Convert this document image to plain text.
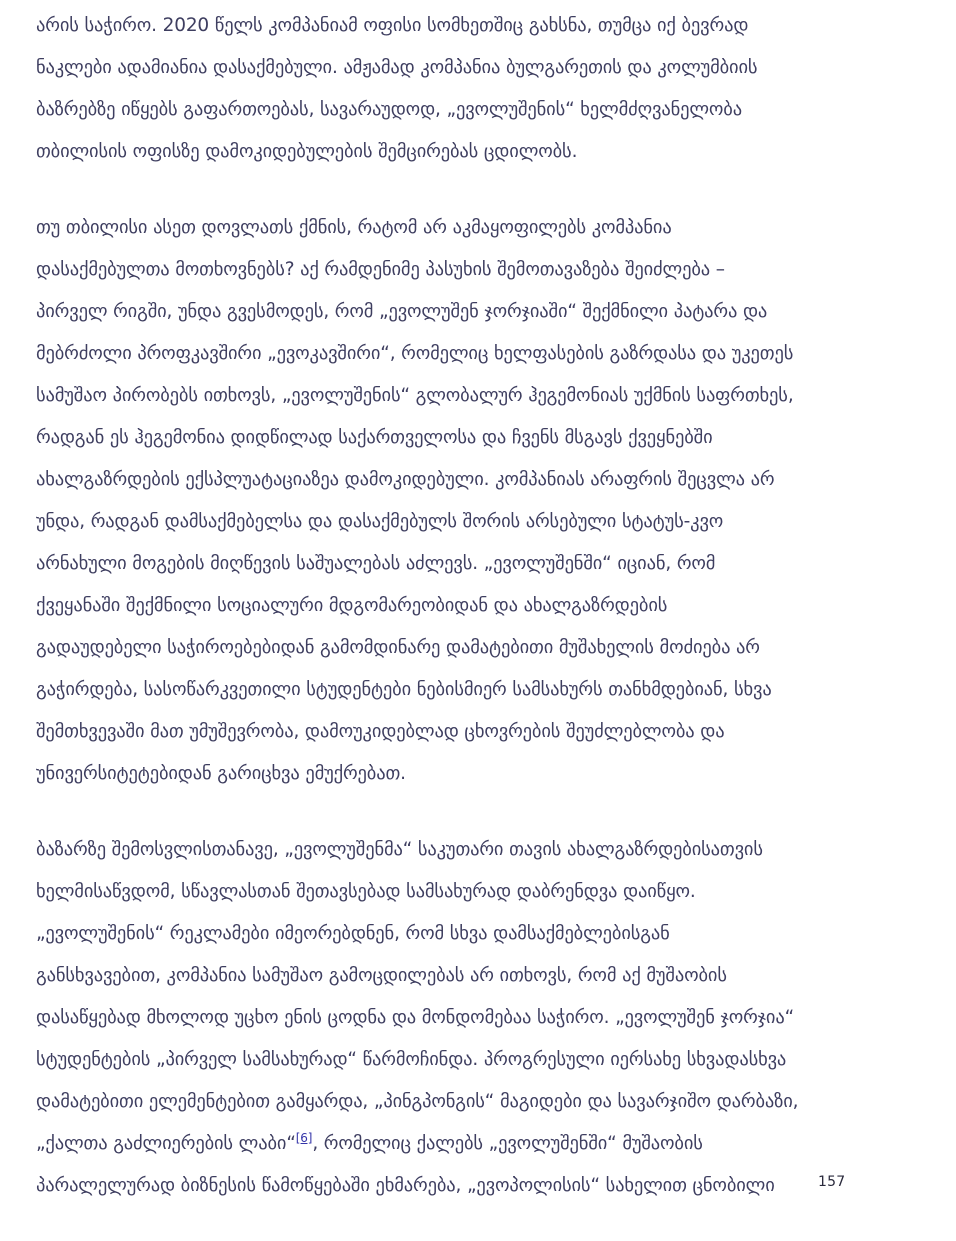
არის საჭირო. 2020 წელს კომპანიამ ოფისი სომხეთშიც გახსნა, თუმცა იქ ბევრად
ნაკლები ადამიანია დასაქმებული. ამჟამად კომპანია ბულგარეთის და კოლუმბიის
ბაზრებზე იწყებს გაფართოებას, სავარაუდოდ, „ევოლუშენის“ ხელმძღვანელობა
თბილისის ოფისზე დამოკიდებულების შემცირებას ცდილობს.

თუ თბილისი ასეთ დოვლათს ქმნის, რატომ არ აკმაყოფილებს კომპანია
დასაქმებულთა მოთხოვნებს? აქ რამდენიმე პასუხის შემოთავაზება შეიძლება –
პირველ რიგში, უნდა გვესმოდეს, რომ „ევოლუშენ ჯორჯიაში“ შექმნილი პატარა და
მებრძოლი პროფკავშირი „ევოკავშირი“, რომელიც ხელფასების გაზრდასა და უკეთეს
სამუშაო პირობებს ითხოვს, „ევოლუშენის“ გლობალურ ჰეგემონიას უქმნის საფრთხეს,
რადგან ეს ჰეგემონია დიდწილად საქართველოსა და ჩვენს მსგავს ქვეყნებში
ახალგაზრდების ექსპლუატაციაზეა დამოკიდებული. კომპანიას არაფრის შეცვლა არ
უნდა, რადგან დამსაქმებელსა და დასაქმებულს შორის არსებული სტატუს-კვო
არნახული მოგების მიღწევის საშუალებას აძლევს. „ევოლუშენში“ იციან, რომ
ქვეყანაში შექმნილი სოციალური მდგომარეობიდან და ახალგაზრდების
გადაუდებელი საჭიროებებიდან გამომდინარე დამატებითი მუშახელის მოძიება არ
გაჭირდება, სასოწარკვეთილი სტუდენტები ნებისმიერ სამსახურს თანხმდებიან, სხვა
შემთხვევაში მათ უმუშევრობა, დამოუკიდებლად ცხოვრების შეუძლებლობა და
უნივერსიტეტებიდან გარიცხვა ემუქრებათ.

ბაზარზე შემოსვლისთანავე, „ევოლუშენმა“ საკუთარი თავის ახალგაზრდებისათვის
ხელმისაწვდომ, სწავლასთან შეთავსებად სამსახურად დაბრენდვა დაიწყო.
„ევოლუშენის“ რეკლამები იმეორებდნენ, რომ სხვა დამსაქმებლებისგან
განსხვავებით, კომპანია სამუშაო გამოცდილებას არ ითხოვს, რომ აქ მუშაობის
დასაწყებად მხოლოდ უცხო ენის ცოდნა და მონდომებაა საჭირო. „ევოლუშენ ჯორჯია“
სტუდენტების „პირველ სამსახურად“ წარმოჩინდა. პროგრესული იერსახე სხვადასხვა
დამატებითი ელემენტებით გამყარდა, „პინგპონგის“ მაგიდები და სავარჯიშო დარბაზი,
„ქალთა გაძლიერების ლაბი“[6], რომელიც ქალებს „ევოლუშენში“ მუშაობის
პარალელურად ბიზნესის წამოწყებაში ეხმარება, „ევოპოლისის“ სახელით ცნობილი	157
